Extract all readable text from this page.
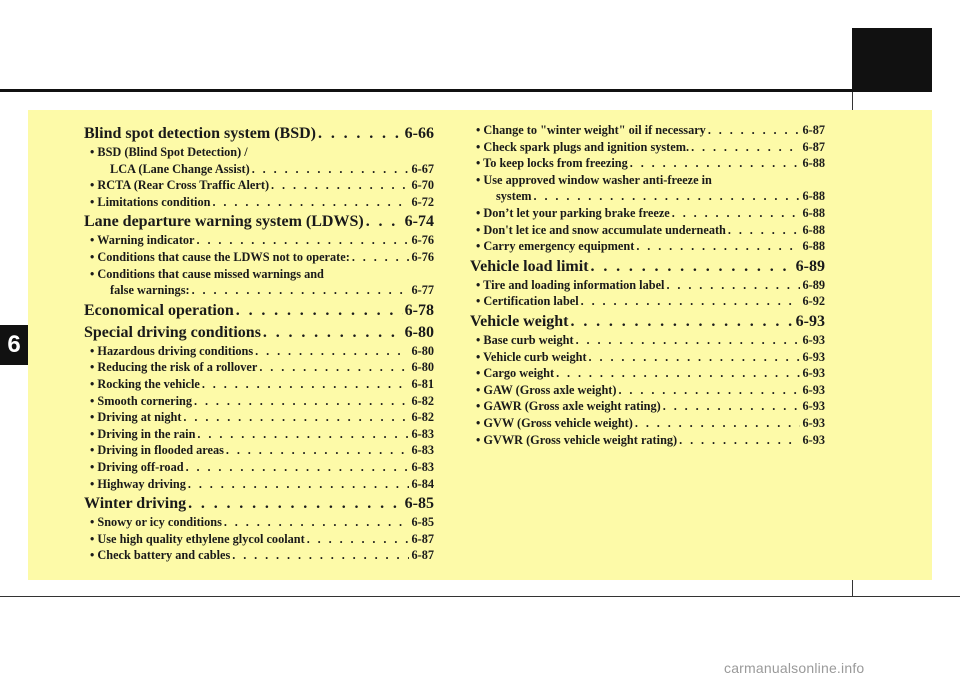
6
Blind spot detection system (BSD) . . .	6-66
• BSD (Blind Spot Detection) /
LCA (Lane Change Assist) . . .	6-67
• RCTA (Rear Cross Traffic Alert) . . .	6-70
• Limitations condition . . .	6-72
Lane departure warning system (LDWS) . . .	6-74
• Warning indicator . . .	6-76
• Conditions that cause the LDWS not to operate: . . .	6-76
• Conditions that cause missed warnings and
false warnings: . . .	6-77
Economical operation . . .	6-78
Special driving conditions . . .	6-80
• Hazardous driving conditions . . .	6-80
• Reducing the risk of a rollover . . .	6-80
• Rocking the vehicle . . .	6-81
• Smooth cornering . . .	6-82
• Driving at night . . .	6-82
• Driving in the rain . . .	6-83
• Driving in flooded areas . . .	6-83
• Driving off-road . . .	6-83
• Highway driving . . .	6-84
Winter driving . . .	6-85
• Snowy or icy conditions . . .	6-85
• Use high quality ethylene glycol coolant . . .	6-87
• Check battery and cables . . .	6-87
• Change to "winter weight" oil if necessary . . .	6-87
• Check spark plugs and ignition system. . . .	6-87
• To keep locks from freezing . . .	6-88
• Use approved window washer anti-freeze in
system . . .	6-88
• Don’t let your parking brake freeze . . .	6-88
• Don't let ice and snow accumulate underneath . . .	6-88
• Carry emergency equipment . . .	6-88
Vehicle load limit . . .	6-89
• Tire and loading information label . . .	6-89
• Certification label . . .	6-92
Vehicle weight . . .	6-93
• Base curb weight . . .	6-93
• Vehicle curb weight . . .	6-93
• Cargo weight . . .	6-93
• GAW (Gross axle weight) . . .	6-93
• GAWR (Gross axle weight rating) . . .	6-93
• GVW (Gross vehicle weight) . . .	6-93
• GVWR (Gross vehicle weight rating) . . .	6-93
carmanualsonline.info
